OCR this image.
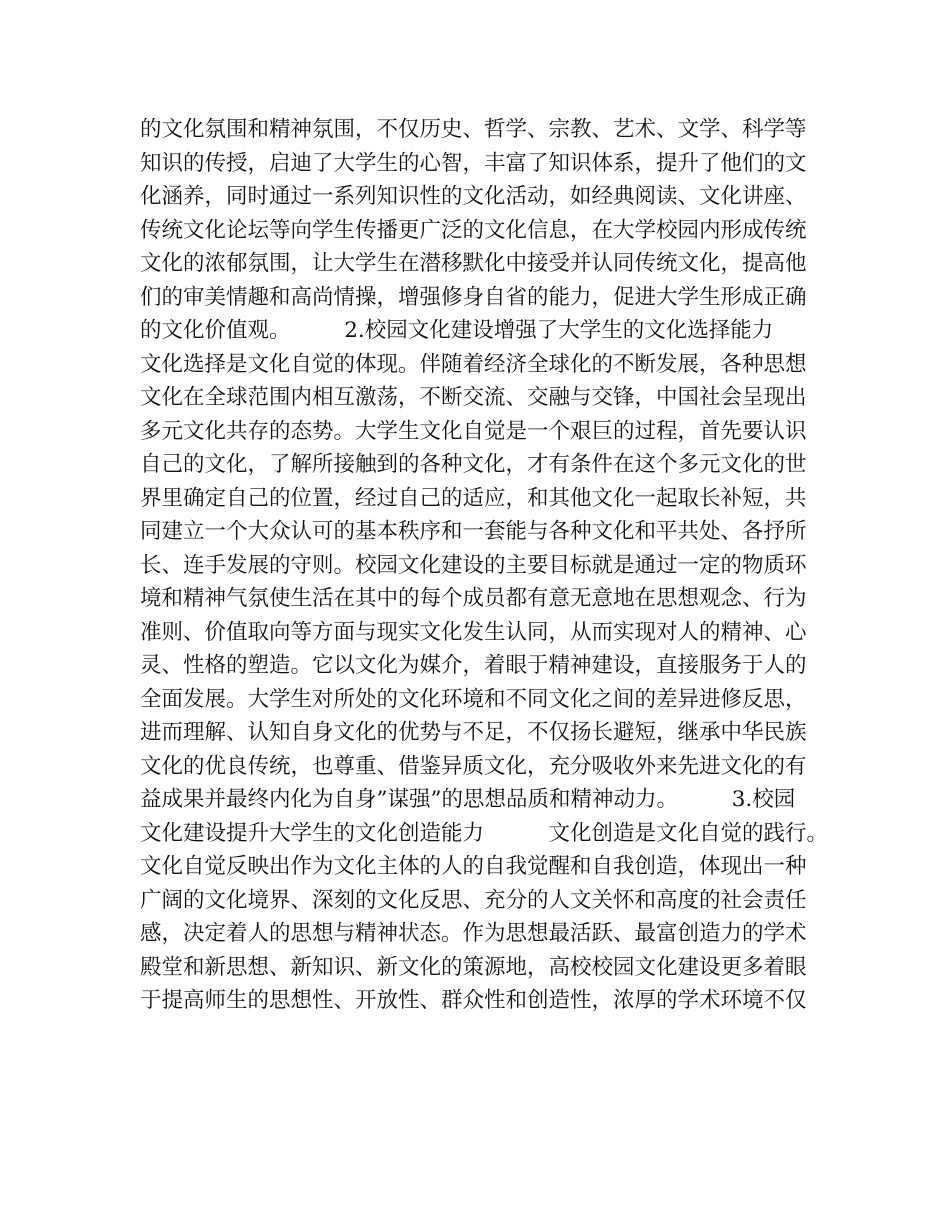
的文化氛围和精神氛围，不仅历史、哲学、宗教、艺术、文学、科学等
知识的传授，启迪了大学生的心智，丰富了知识体系，提升了他们的文
化涵养，同时通过一系列知识性的文化活动，如经典阅读、文化讲座、
传统文化论坛等向学生传播更广泛的文化信息，在大学校园内形成传统
文化的浓郁氛围，让大学生在潜移默化中接受并认同传统文化，提高他
们的审美情趣和高尚情操，增强修身自省的能力，促进大学生形成正确
的文化价值观。　　　2.校园文化建设增强了大学生的文化选择能力
文化选择是文化自觉的体现。伴随着经济全球化的不断发展，各种思想
文化在全球范围内相互激荡，不断交流、交融与交锋，中国社会呈现出
多元文化共存的态势。大学生文化自觉是一个艰巨的过程，首先要认识
自己的文化，了解所接触到的各种文化，才有条件在这个多元文化的世
界里确定自己的位置，经过自己的适应，和其他文化一起取长补短，共
同建立一个大众认可的基本秩序和一套能与各种文化和平共处、各抒所
长、连手发展的守则。校园文化建设的主要目标就是通过一定的物质环
境和精神气氛使生活在其中的每个成员都有意无意地在思想观念、行为
准则、价值取向等方面与现实文化发生认同，从而实现对人的精神、心
灵、性格的塑造。它以文化为媒介，着眼于精神建设，直接服务于人的
全面发展。大学生对所处的文化环境和不同文化之间的差异进修反思，
进而理解、认知自身文化的优势与不足，不仅扬长避短，继承中华民族
文化的优良传统，也尊重、借鉴异质文化，充分吸收外来先进文化的有
益成果并最终内化为自身”谋强”的思想品质和精神动力。　　　3.校园
文化建设提升大学生的文化创造能力　　　文化创造是文化自觉的践行。
文化自觉反映出作为文化主体的人的自我觉醒和自我创造，体现出一种
广阔的文化境界、深刻的文化反思、充分的人文关怀和高度的社会责任
感，决定着人的思想与精神状态。作为思想最活跃、最富创造力的学术
殿堂和新思想、新知识、新文化的策源地，高校校园文化建设更多着眼
于提高师生的思想性、开放性、群众性和创造性，浓厚的学术环境不仅
